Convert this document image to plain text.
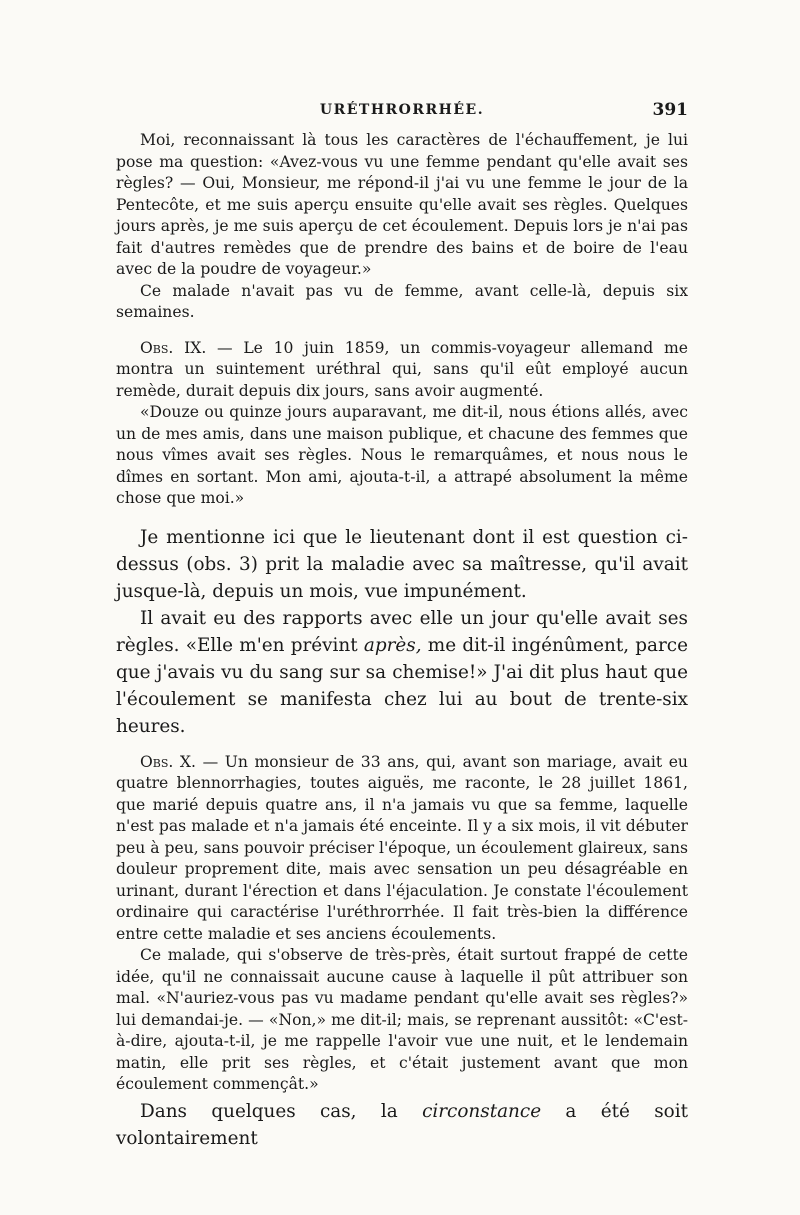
URÉTHRORRHÉE.	391

Moi, reconnaissant là tous les caractères de l'échauffement, je lui pose ma question: «Avez-vous vu une femme pendant qu'elle avait ses règles? — Oui, Monsieur, me répond-il j'ai vu une femme le jour de la Pentecôte, et me suis aperçu ensuite qu'elle avait ses règles. Quelques jours après, je me suis aperçu de cet écoulement. Depuis lors je n'ai pas fait d'autres remèdes que de prendre des bains et de boire de l'eau avec de la poudre de voyageur.»

Ce malade n'avait pas vu de femme, avant celle-là, depuis six semaines.

Obs. IX. — Le 10 juin 1859, un commis-voyageur allemand me montra un suintement uréthral qui, sans qu'il eût employé aucun remède, durait depuis dix jours, sans avoir augmenté.

«Douze ou quinze jours auparavant, me dit-il, nous étions allés, avec un de mes amis, dans une maison publique, et chacune des femmes que nous vîmes avait ses règles. Nous le remarquâmes, et nous nous le dîmes en sortant. Mon ami, ajouta-t-il, a attrapé absolument la même chose que moi.»

Je mentionne ici que le lieutenant dont il est question ci-dessus (obs. 3) prit la maladie avec sa maîtresse, qu'il avait jusque-là, depuis un mois, vue impunément.

Il avait eu des rapports avec elle un jour qu'elle avait ses règles. «Elle m'en prévint après, me dit-il ingénûment, parce que j'avais vu du sang sur sa chemise!» J'ai dit plus haut que l'écoulement se manifesta chez lui au bout de trente-six heures.

Obs. X. — Un monsieur de 33 ans, qui, avant son mariage, avait eu quatre blennorrhagies, toutes aiguës, me raconte, le 28 juillet 1861, que marié depuis quatre ans, il n'a jamais vu que sa femme, laquelle n'est pas malade et n'a jamais été enceinte. Il y a six mois, il vit débuter peu à peu, sans pouvoir préciser l'époque, un écoulement glaireux, sans douleur proprement dite, mais avec sensation un peu désagréable en urinant, durant l'érection et dans l'éjaculation. Je constate l'écoulement ordinaire qui caractérise l'uréthrorrhée. Il fait très-bien la différence entre cette maladie et ses anciens écoulements.

Ce malade, qui s'observe de très-près, était surtout frappé de cette idée, qu'il ne connaissait aucune cause à laquelle il pût attribuer son mal. «N'auriez-vous pas vu madame pendant qu'elle avait ses règles?» lui demandai-je. — «Non,» me dit-il; mais, se reprenant aussitôt: «C'est-à-dire, ajouta-t-il, je me rappelle l'avoir vue une nuit, et le lendemain matin, elle prit ses règles, et c'était justement avant que mon écoulement commençât.»

Dans quelques cas, la circonstance a été soit volontairement
